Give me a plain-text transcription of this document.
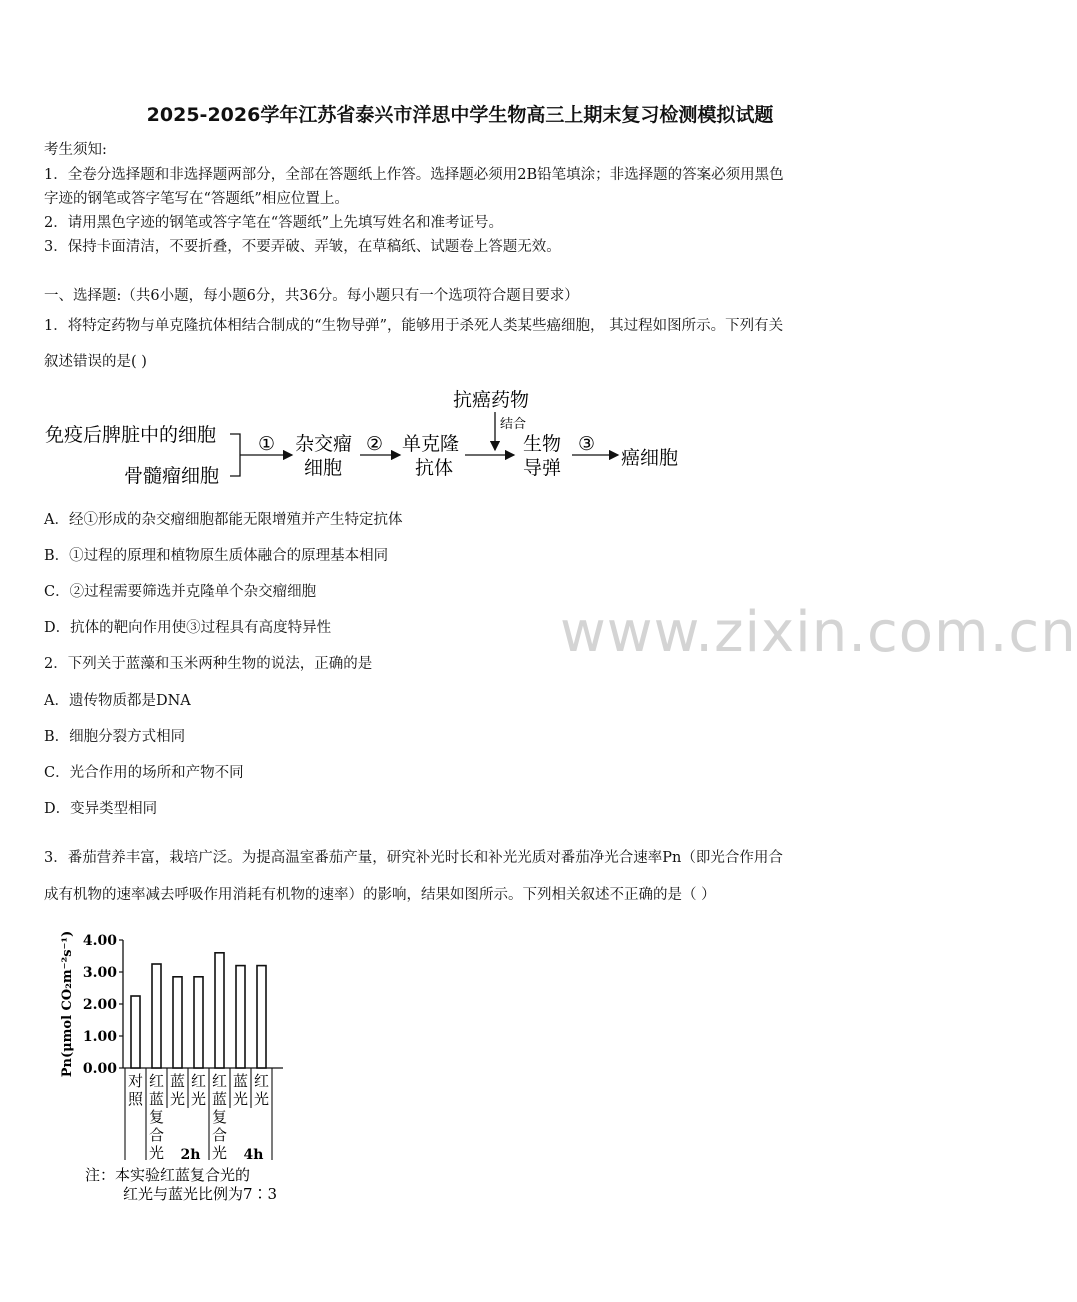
2025-2026学年江苏省泰兴市洋思中学生物高三上期末复习检测模拟试题
考生须知:
1．全卷分选择题和非选择题两部分，全部在答题纸上作答。选择题必须用2B铅笔填涂；非选择题的答案必须用黑色
字迹的钢笔或答字笔写在“答题纸”相应位置上。
2．请用黑色字迹的钢笔或答字笔在“答题纸”上先填写姓名和准考证号。
3．保持卡面清洁，不要折叠，不要弄破、弄皱，在草稿纸、试题卷上答题无效。
一、选择题:（共6小题，每小题6分，共36分。每小题只有一个选项符合题目要求）
1．将特定药物与单克隆抗体相结合制成的“生物导弹”，能够用于杀死人类某些癌细胞， 其过程如图所示。下列有关
叙述错误的是( )
免疫后脾脏中的细胞
骨髓瘤细胞
① 杂交瘤
细胞
② 单克隆
抗体
抗癌药物
结合
生物
导弹
③
癌细胞
A．经①形成的杂交瘤细胞都能无限增殖并产生特定抗体
B．①过程的原理和植物原生质体融合的原理基本相同
C．②过程需要筛选并克隆单个杂交瘤细胞
D．抗体的靶向作用使③过程具有高度特异性
2．下列关于蓝藻和玉米两种生物的说法，正确的是
A．遗传物质都是DNA
B．细胞分裂方式相同
C．光合作用的场所和产物不同
D．变异类型相同
3．番茄营养丰富，栽培广泛。为提高温室番茄产量，研究补光时长和补光光质对番茄净光合速率Pn（即光合作用合
成有机物的速率减去呼吸作用消耗有机物的速率）的影响，结果如图所示。下列相关叙述不正确的是（ ）
4.00
3.00
2.00
1.00
0.00
Pn(μmol CO₂m⁻²s⁻¹)
对照
红蓝复合光
蓝光
红光
红蓝复合光
蓝光
红光
2h	4h
注：本实验红蓝复合光的
红光与蓝光比例为7∶3
www.zixin.com.cn
